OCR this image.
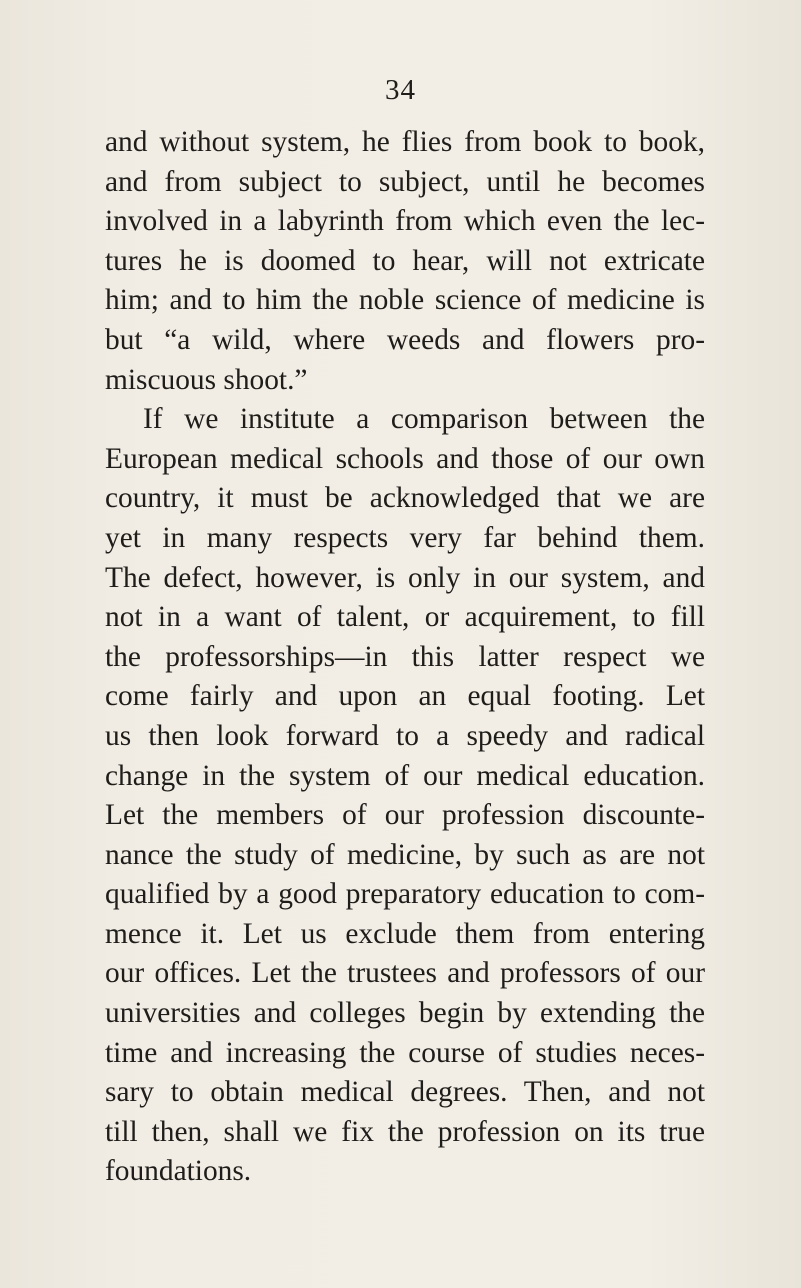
34
and without system, he flies from book to book,
and from subject to subject, until he becomes
involved in a labyrinth from which even the lec-
tures he is doomed to hear, will not extricate
him; and to him the noble science of medicine is
but “a wild, where weeds and flowers pro-
miscuous shoot.”
If we institute a comparison between the
European medical schools and those of our own
country, it must be acknowledged that we are
yet in many respects very far behind them.
The defect, however, is only in our system, and
not in a want of talent, or acquirement, to fill
the professorships—in this latter respect we
come fairly and upon an equal footing. Let
us then look forward to a speedy and radical
change in the system of our medical education.
Let the members of our profession discounte-
nance the study of medicine, by such as are not
qualified by a good preparatory education to com-
mence it. Let us exclude them from entering
our offices. Let the trustees and professors of our
universities and colleges begin by extending the
time and increasing the course of studies neces-
sary to obtain medical degrees. Then, and not
till then, shall we fix the profession on its true
foundations.
